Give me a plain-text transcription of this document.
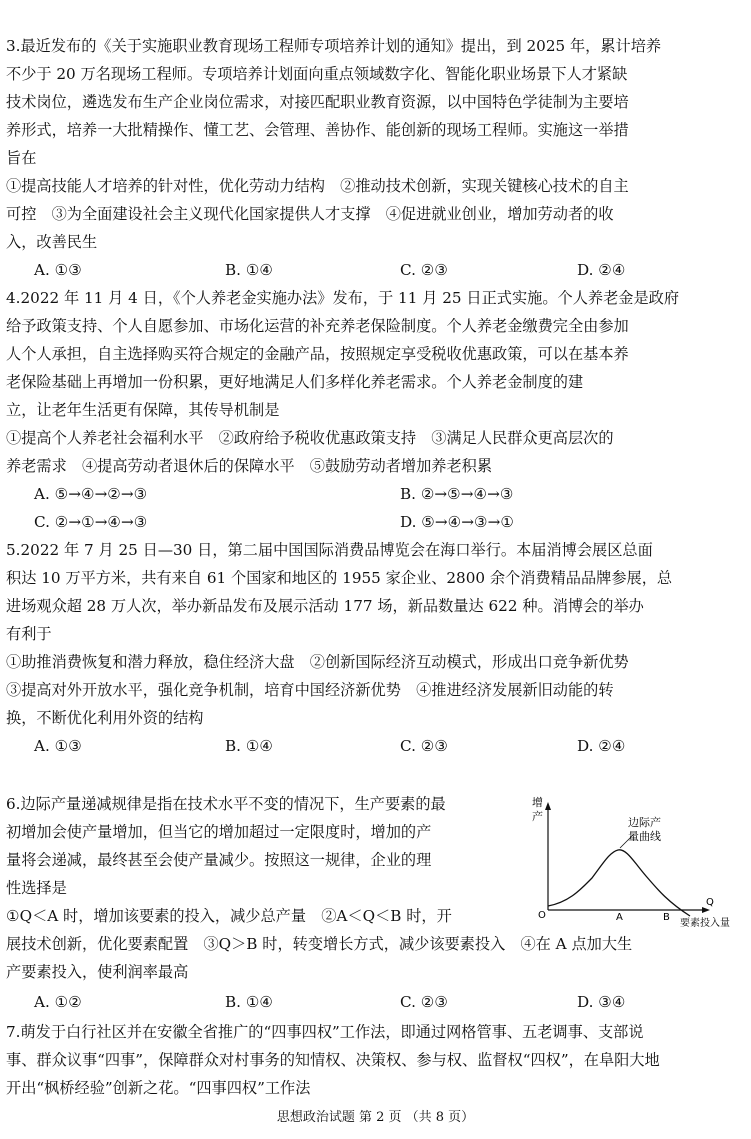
3.最近发布的《关于实施职业教育现场工程师专项培养计划的通知》提出，到 2025 年，累计培养
不少于 20 万名现场工程师。专项培养计划面向重点领域数字化、智能化职业场景下人才紧缺
技术岗位，遴选发布生产企业岗位需求，对接匹配职业教育资源，以中国特色学徒制为主要培
养形式，培养一大批精操作、懂工艺、会管理、善协作、能创新的现场工程师。实施这一举措
旨在
①提高技能人才培养的针对性，优化劳动力结构　②推动技术创新，实现关键核心技术的自主
可控　③为全面建设社会主义现代化国家提供人才支撑　④促进就业创业，增加劳动者的收
入，改善民生
A. ①③	B. ①④	C. ②③	D. ②④
4.2022 年 11 月 4 日，《个人养老金实施办法》发布，于 11 月 25 日正式实施。个人养老金是政府
给予政策支持、个人自愿参加、市场化运营的补充养老保险制度。个人养老金缴费完全由参加
人个人承担，自主选择购买符合规定的金融产品，按照规定享受税收优惠政策，可以在基本养
老保险基础上再增加一份积累，更好地满足人们多样化养老需求。个人养老金制度的建
立，让老年生活更有保障，其传导机制是
①提高个人养老社会福利水平　②政府给予税收优惠政策支持　③满足人民群众更高层次的
养老需求　④提高劳动者退休后的保障水平　⑤鼓励劳动者增加养老积累
A. ⑤→④→②→③	B. ②→⑤→④→③
C. ②→①→④→③	D. ⑤→④→③→①
5.2022 年 7 月 25 日—30 日，第二届中国国际消费品博览会在海口举行。本届消博会展区总面
积达 10 万平方米，共有来自 61 个国家和地区的 1955 家企业、2800 余个消费精品品牌参展，总
进场观众超 28 万人次，举办新品发布及展示活动 177 场，新品数量达 622 种。消博会的举办
有利于
①助推消费恢复和潜力释放，稳住经济大盘　②创新国际经济互动模式，形成出口竞争新优势
③提高对外开放水平，强化竞争机制，培育中国经济新优势　④推进经济发展新旧动能的转
换，不断优化利用外资的结构
A. ①③	B. ①④	C. ②③	D. ②④
6.边际产量递减规律是指在技术水平不变的情况下，生产要素的最
初增加会使产量增加，但当它的增加超过一定限度时，增加的产
量将会递减，最终甚至会使产量减少。按照这一规律，企业的理
性选择是
①Q＜A 时，增加该要素的投入，减少总产量　②A＜Q＜B 时，开
展技术创新，优化要素配置　③Q＞B 时，转变增长方式，减少该要素投入　④在 A 点加大生
产要素投入，使利润率最高
A. ①②	B. ①④	C. ②③	D. ③④
增
产	边际产
量曲线
O	A	B
Q
要素投入量
7.萌发于白行社区并在安徽全省推广的“四事四权”工作法，即通过网格管事、五老调事、支部说
事、群众议事“四事”，保障群众对村事务的知情权、决策权、参与权、监督权“四权”，在阜阳大地
开出“枫桥经验”创新之花。“四事四权”工作法
思想政治试题 第 2 页 （共 8 页）
